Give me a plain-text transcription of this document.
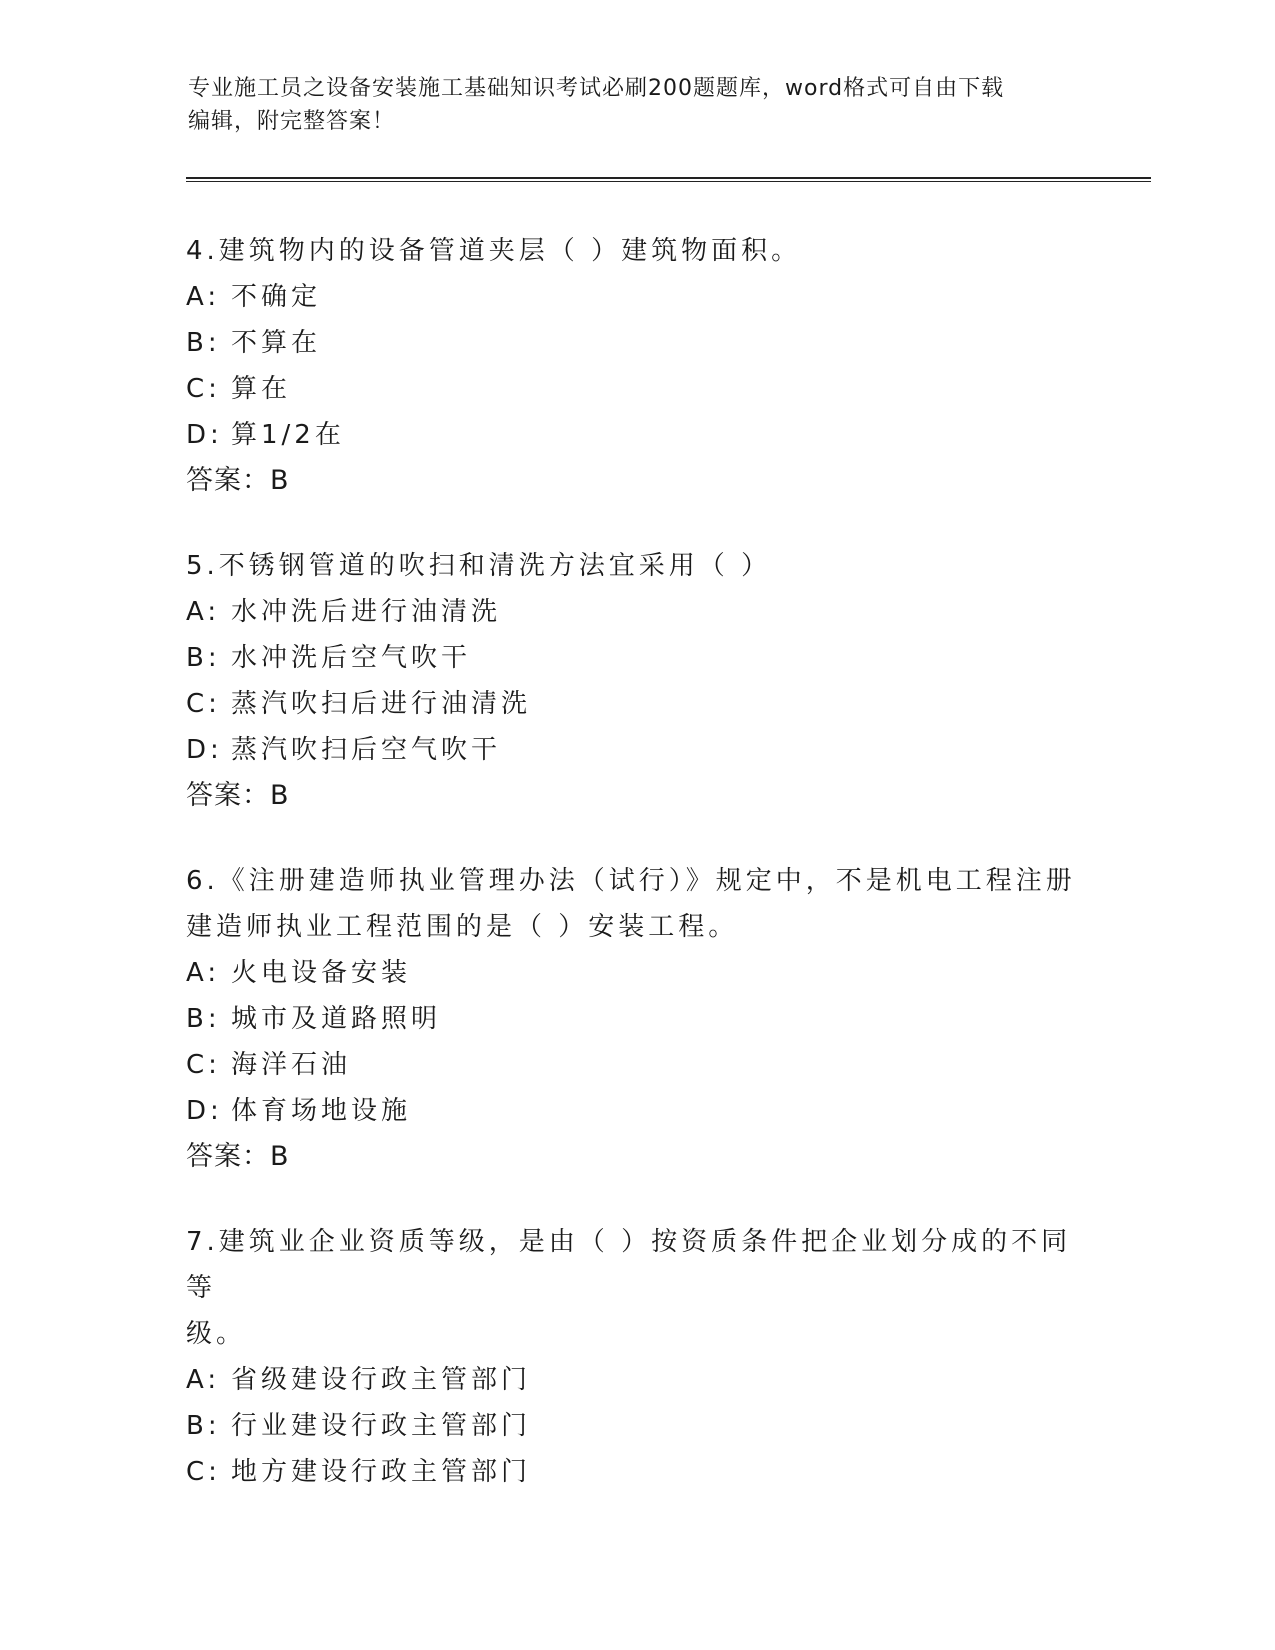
专业施工员之设备安装施工基础知识考试必刷200题题库，word格式可自由下载
编辑，附完整答案！

4.建筑物内的设备管道夹层（ ）建筑物面积。

A: 不确定

B: 不算在

C: 算在

D: 算1/2在

答案：B

5.不锈钢管道的吹扫和清洗方法宜采用（ ）

A: 水冲洗后进行油清洗

B: 水冲洗后空气吹干

C: 蒸汽吹扫后进行油清洗

D: 蒸汽吹扫后空气吹干

答案：B

6.《注册建造师执业管理办法（试行）》规定中，不是机电工程注册

建造师执业工程范围的是（ ）安装工程。

A: 火电设备安装

B: 城市及道路照明

C: 海洋石油

D: 体育场地设施

答案：B

7.建筑业企业资质等级，是由（ ）按资质条件把企业划分成的不同等

级。

A: 省级建设行政主管部门

B: 行业建设行政主管部门

C: 地方建设行政主管部门
